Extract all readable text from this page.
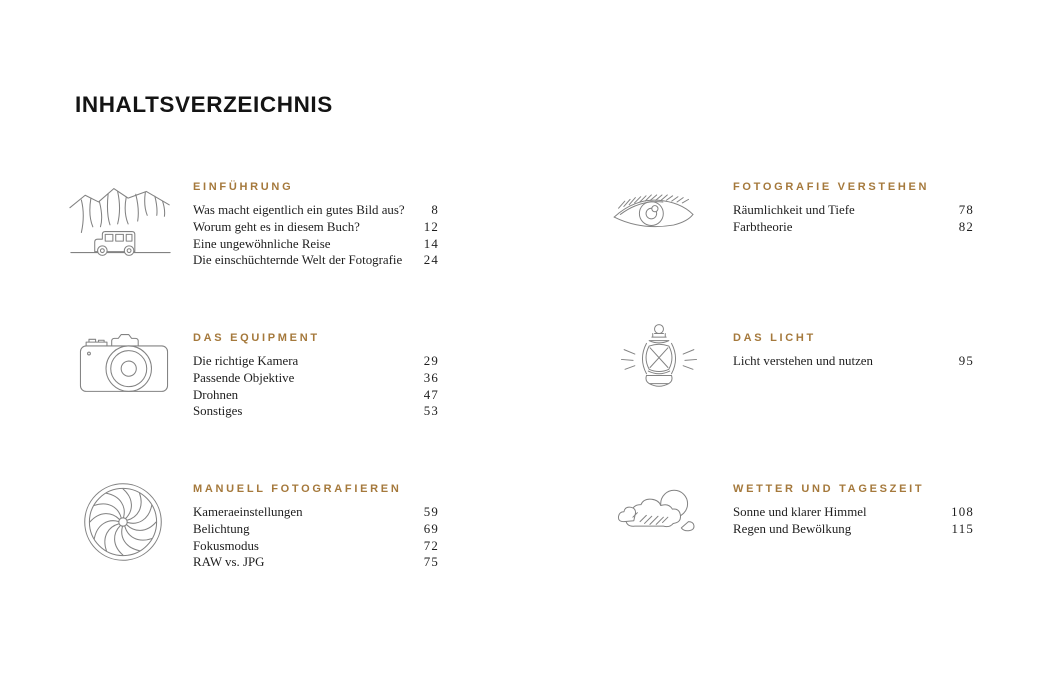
INHALTSVERZEICHNIS
EINFÜHRUNG
Was macht eigentlich ein gutes Bild aus? 8
Worum geht es in diesem Buch?	12
Eine ungewöhnliche Reise	14
Die einschüchternde Welt der Fotografie 24
DAS EQUIPMENT
Die richtige Kamera	29
Passende Objektive	36
Drohnen	47
Sonstiges	53
MANUELL FOTOGRAFIEREN
Kameraeinstellungen	59
Belichtung	69
Fokusmodus	72
RAW vs. JPG	75
FOTOGRAFIE VERSTEHEN
Räumlichkeit und Tiefe	78
Farbtheorie	82
DAS LICHT
Licht verstehen und nutzen	95
WETTER UND TAGESZEIT
Sonne und klarer Himmel	108
Regen und Bewölkung	115
